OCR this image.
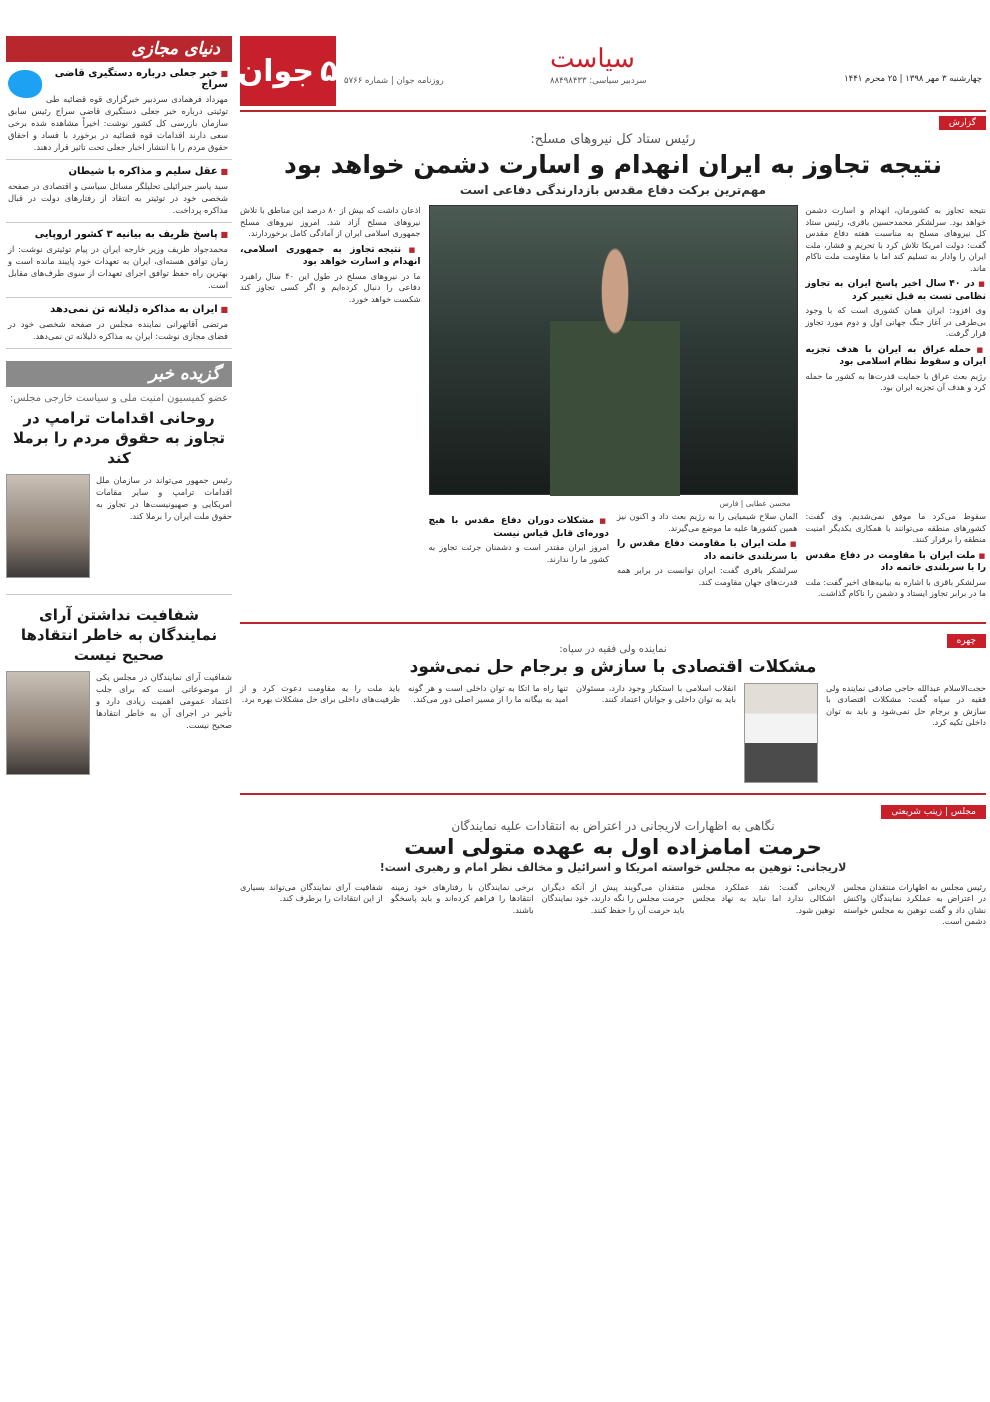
دنیای مجازی
■ خبر جعلی درباره دستگیری قاضی سراج
مهرداد فرهمادی سردبیر خبرگزاری قوه قضائیه طی توئیتی درباره خبر جعلی دستگیری قاضی سراج رئیس سابق سازمان بازرسی کل کشور نوشت: اخیراً مشاهده شده برخی سعی دارند اقدامات قوه قضائیه در برخورد با فساد و احقاق حقوق مردم را با انتشار اخبار جعلی تحت تاثیر قرار دهند.
■ عقل سلیم و مذاکره با شیطان
سید یاسر جبرائیلی تحلیلگر مسائل سیاسی و اقتصادی در صفحه شخصی خود در توئیتر به انتقاد از رفتارهای دولت در قبال مذاکره پرداخت.
■ پاسخ ظریف به بیانیه ۳ کشور اروپایی
محمدجواد ظریف وزیر خارجه ایران در پیام توئیتری نوشت: از زمان توافق هسته‌ای، ایران به تعهدات خود پایبند مانده است و بهترین راه حفظ توافق اجرای تعهدات از سوی طرف‌های مقابل است.
■ ایران به مذاکره ذلیلانه تن نمی‌دهد
مرتضی آقاتهرانی نماینده مجلس در صفحه شخصی خود در فضای مجازی نوشت: ایران به مذاکره ذلیلانه تن نمی‌دهد.
گزیده خبر
عضو کمیسیون امنیت ملی و سیاست خارجی مجلس:
روحانی اقدامات ترامپ در تجاوز به حقوق مردم را برملا کند
رئیس جمهور می‌تواند در سازمان ملل اقدامات ترامپ و سایر مقامات امریکایی و صهیونیست‌ها در تجاوز به حقوق ملت ایران را برملا کند.
شفافیت نداشتن آرای نمایندگان به خاطر انتقادها صحیح نیست
شفافیت آرای نمایندگان در مجلس یکی از موضوعاتی است که برای جلب اعتماد عمومی اهمیت زیادی دارد و تأخیر در اجرای آن به خاطر انتقادها صحیح نیست.
۵
جوان	روزنامه جوان | شماره ۵۷۶۶
سیاست
سردبیر سیاسی: ۸۸۴۹۸۴۳۳	چهارشنبه ۳ مهر ۱۳۹۸ | ۲۵ محرم ۱۴۴۱
گزارش
رئیس ستاد کل نیروهای مسلح:
نتیجه تجاوز به ایران انهدام و اسارت دشمن خواهد بود
مهم‌ترین برکت دفاع مقدس بازدارندگی دفاعی است

نتیجه تجاوز به کشورمان، انهدام و اسارت دشمن خواهد بود. سرلشکر محمدحسین باقری، رئیس ستاد کل نیروهای مسلح به مناسبت هفته دفاع مقدس گفت: دولت امریکا تلاش کرد با تحریم و فشار، ملت ایران را وادار به تسلیم کند اما با مقاومت ملت ناکام ماند.

■ در ۴۰ سال اخیر پاسخ ایران به تجاوز نظامی تست به قبل تغییر کرد

وی افزود: ایران همان کشوری است که با وجود بی‌طرفی در آغاز جنگ جهانی اول و دوم مورد تجاوز قرار گرفت.

■ حمله عراق به ایران با هدف تجزیه ایران و سقوط نظام اسلامی بود

رژیم بعث عراق با حمایت قدرت‌ها به کشور ما حمله کرد و هدف آن تجزیه ایران بود.

محسن عطایی | فارس

اذعان داشت که بیش از ۸۰ درصد این مناطق با تلاش نیروهای مسلح آزاد شد. امروز نیروهای مسلح جمهوری اسلامی ایران از آمادگی کامل برخوردارند.

■ نتیجه تجاوز به جمهوری اسلامی، انهدام و اسارت خواهد بود

ما در نیروهای مسلح در طول این ۴۰ سال راهبرد دفاعی را دنبال کرده‌ایم و اگر کسی تجاوز کند شکست خواهد خورد.

سقوط می‌کرد ما موفق نمی‌شدیم. وی گفت: کشورهای منطقه می‌توانند با همکاری یکدیگر امنیت منطقه را برقرار کنند.

■ ملت ایران با مقاومت در دفاع مقدس را با سربلندی خاتمه داد

سرلشکر باقری با اشاره به بیانیه‌های اخیر گفت: ملت ما در برابر تجاوز ایستاد و دشمن را ناکام گذاشت.

المان سلاح شیمیایی را به رژیم بعث داد و اکنون نیز همین کشورها علیه ما موضع می‌گیرند.

■ ملت ایران با مقاومت دفاع مقدس را با سربلندی خاتمه داد

سرلشکر باقری گفت: ایران توانست در برابر همه قدرت‌های جهان مقاومت کند.

■ مشکلات دوران دفاع مقدس با هیچ دوره‌ای قابل قیاس نیست

امروز ایران مقتدر است و دشمنان جرئت تجاوز به کشور ما را ندارند.

چهره
نماینده ولی فقیه در سپاه:
مشکلات اقتصادی با سازش و برجام حل نمی‌شود
حجت‌الاسلام عبدالله حاجی صادقی نماینده ولی فقیه در سپاه گفت: مشکلات اقتصادی با سازش و برجام حل نمی‌شود و باید به توان داخلی تکیه کرد.
انقلاب اسلامی با استکبار وجود دارد، مسئولان باید به توان داخلی و جوانان اعتماد کنند.
تنها راه ما اتکا به توان داخلی است و هر گونه امید به بیگانه ما را از مسیر اصلی دور می‌کند.
باید ملت را به مقاومت دعوت کرد و از ظرفیت‌های داخلی برای حل مشکلات بهره برد.
مجلس | زینب شریعتی
نگاهی به اظهارات لاریجانی در اعتراض به انتقادات علیه نمایندگان
حرمت امامزاده اول به عهده متولی است
لاریجانی: توهین به مجلس خواسته امریکا و اسرائیل و مخالف نظر امام و رهبری است!
رئیس مجلس به اظهارات منتقدان مجلس در اعتراض به عملکرد نمایندگان واکنش نشان داد و گفت توهین به مجلس خواسته دشمن است.
لاریجانی گفت: نقد عملکرد مجلس اشکالی ندارد اما نباید به نهاد مجلس توهین شود.
منتقدان می‌گویند پیش از آنکه دیگران حرمت مجلس را نگه دارند، خود نمایندگان باید حرمت آن را حفظ کنند.
برخی نمایندگان با رفتارهای خود زمینه انتقادها را فراهم کرده‌اند و باید پاسخگو باشند.
شفافیت آرای نمایندگان می‌تواند بسیاری از این انتقادات را برطرف کند.
